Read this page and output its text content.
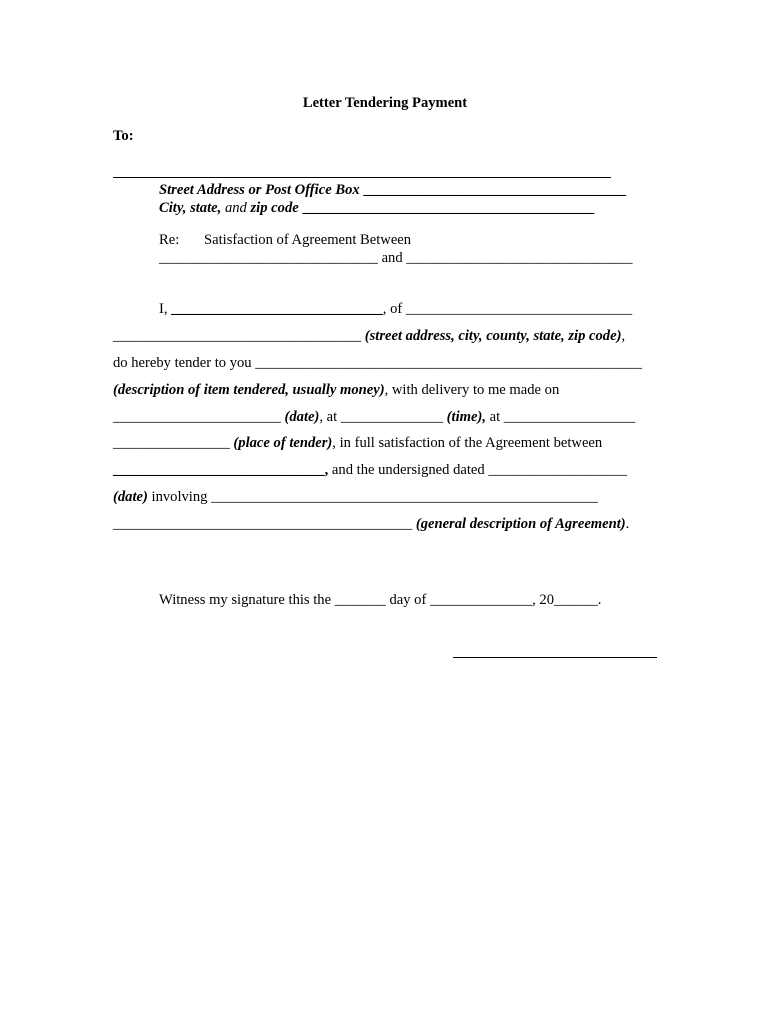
Letter Tendering Payment
To:
Street Address or Post Office Box ____________________________________
City, state, and zip code ________________________________________
Re: Satisfaction of Agreement Between
______________________________ and _______________________________
I, _____________________________, of _______________________________
__________________________________ (street address, city, county, state, zip code),
do hereby tender to you _____________________________________________________
(description of item tendered, usually money), with delivery to me made on
_______________________ (date), at ______________ (time), at __________________
________________ (place of tender), in full satisfaction of the Agreement between
_____________________________, and the undersigned dated ___________________
(date) involving _____________________________________________________
_________________________________________ (general description of Agreement).
Witness my signature this the _______ day of ______________, 20______.
